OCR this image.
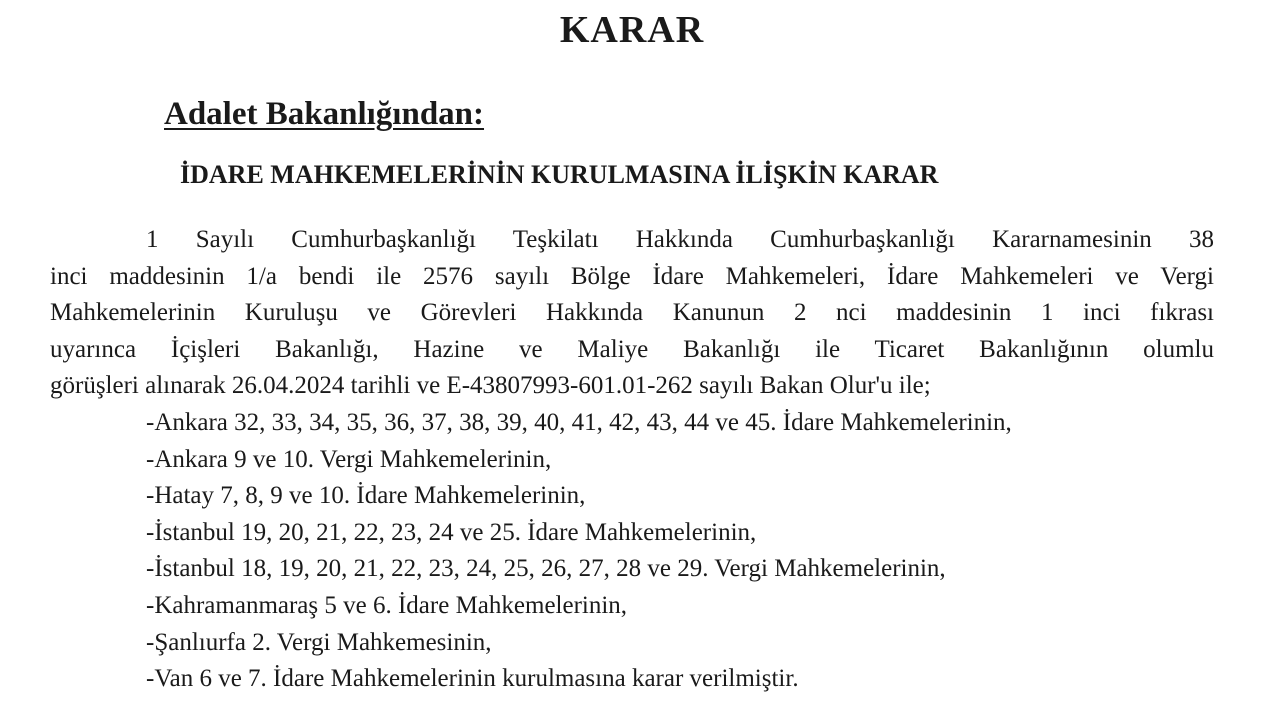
KARAR
Adalet Bakanlığından:
İDARE MAHKEMELERİNİN KURULMASINA İLİŞKİN KARAR
1 Sayılı Cumhurbaşkanlığı Teşkilatı Hakkında Cumhurbaşkanlığı Kararnamesinin 38
inci maddesinin 1/a bendi ile 2576 sayılı Bölge İdare Mahkemeleri, İdare Mahkemeleri ve Vergi
Mahkemelerinin Kuruluşu ve Görevleri Hakkında Kanunun 2 nci maddesinin 1 inci fıkrası
uyarınca İçişleri Bakanlığı, Hazine ve Maliye Bakanlığı ile Ticaret Bakanlığının olumlu
görüşleri alınarak 26.04.2024 tarihli ve E-43807993-601.01-262 sayılı Bakan Olur'u ile;
-Ankara 32, 33, 34, 35, 36, 37, 38, 39, 40, 41, 42, 43, 44 ve 45. İdare Mahkemelerinin,
-Ankara 9 ve 10. Vergi Mahkemelerinin,
-Hatay 7, 8, 9 ve 10. İdare Mahkemelerinin,
-İstanbul 19, 20, 21, 22, 23, 24 ve 25. İdare Mahkemelerinin,
-İstanbul 18, 19, 20, 21, 22, 23, 24, 25, 26, 27, 28 ve 29. Vergi Mahkemelerinin,
-Kahramanmaraş 5 ve 6. İdare Mahkemelerinin,
-Şanlıurfa 2. Vergi Mahkemesinin,
-Van 6 ve 7. İdare Mahkemelerinin kurulmasına karar verilmiştir.
